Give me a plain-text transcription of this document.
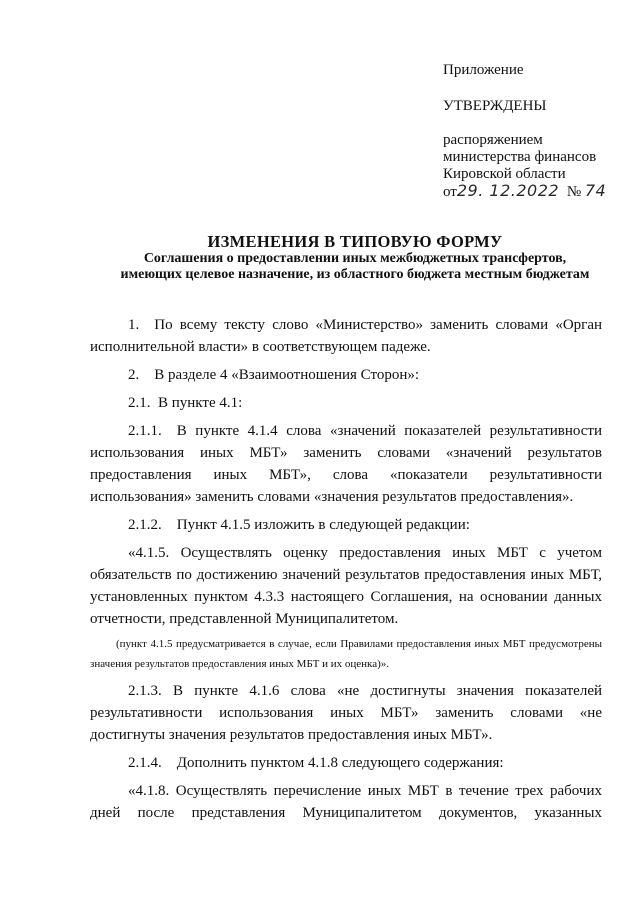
Приложение
УТВЕРЖДЕНЫ
распоряжением
министерства финансов
Кировской области
от29. 12.2022 № 74
ИЗМЕНЕНИЯ В ТИПОВУЮ ФОРМУ
Соглашения о предоставлении иных межбюджетных трансфертов,
имеющих целевое назначение, из областного бюджета местным бюджетам

1. По всему тексту слово «Министерство» заменить словами «Орган исполнительной власти» в соответствующем падеже.

2. В разделе 4 «Взаимоотношения Сторон»:

2.1. В пункте 4.1:

2.1.1. В пункте 4.1.4 слова «значений показателей результативности использования иных МБТ» заменить словами «значений результатов предоставления иных МБТ», слова «показатели результативности использования» заменить словами «значения результатов предоставления».

2.1.2. Пункт 4.1.5 изложить в следующей редакции:

«4.1.5. Осуществлять оценку предоставления иных МБТ с учетом обязательств по достижению значений результатов предоставления иных МБТ, установленных пунктом 4.3.3 настоящего Соглашения, на основании данных отчетности, представленной Муниципалитетом.

(пункт 4.1.5 предусматривается в случае, если Правилами предоставления иных МБТ предусмотрены значения результатов предоставления иных МБТ и их оценка)».

2.1.3. В пункте 4.1.6 слова «не достигнуты значения показателей результативности использования иных МБТ» заменить словами «не достигнуты значения результатов предоставления иных МБТ».

2.1.4. Дополнить пунктом 4.1.8 следующего содержания:

«4.1.8. Осуществлять перечисление иных МБТ в течение трех рабочих дней после представления Муниципалитетом документов, указанных
